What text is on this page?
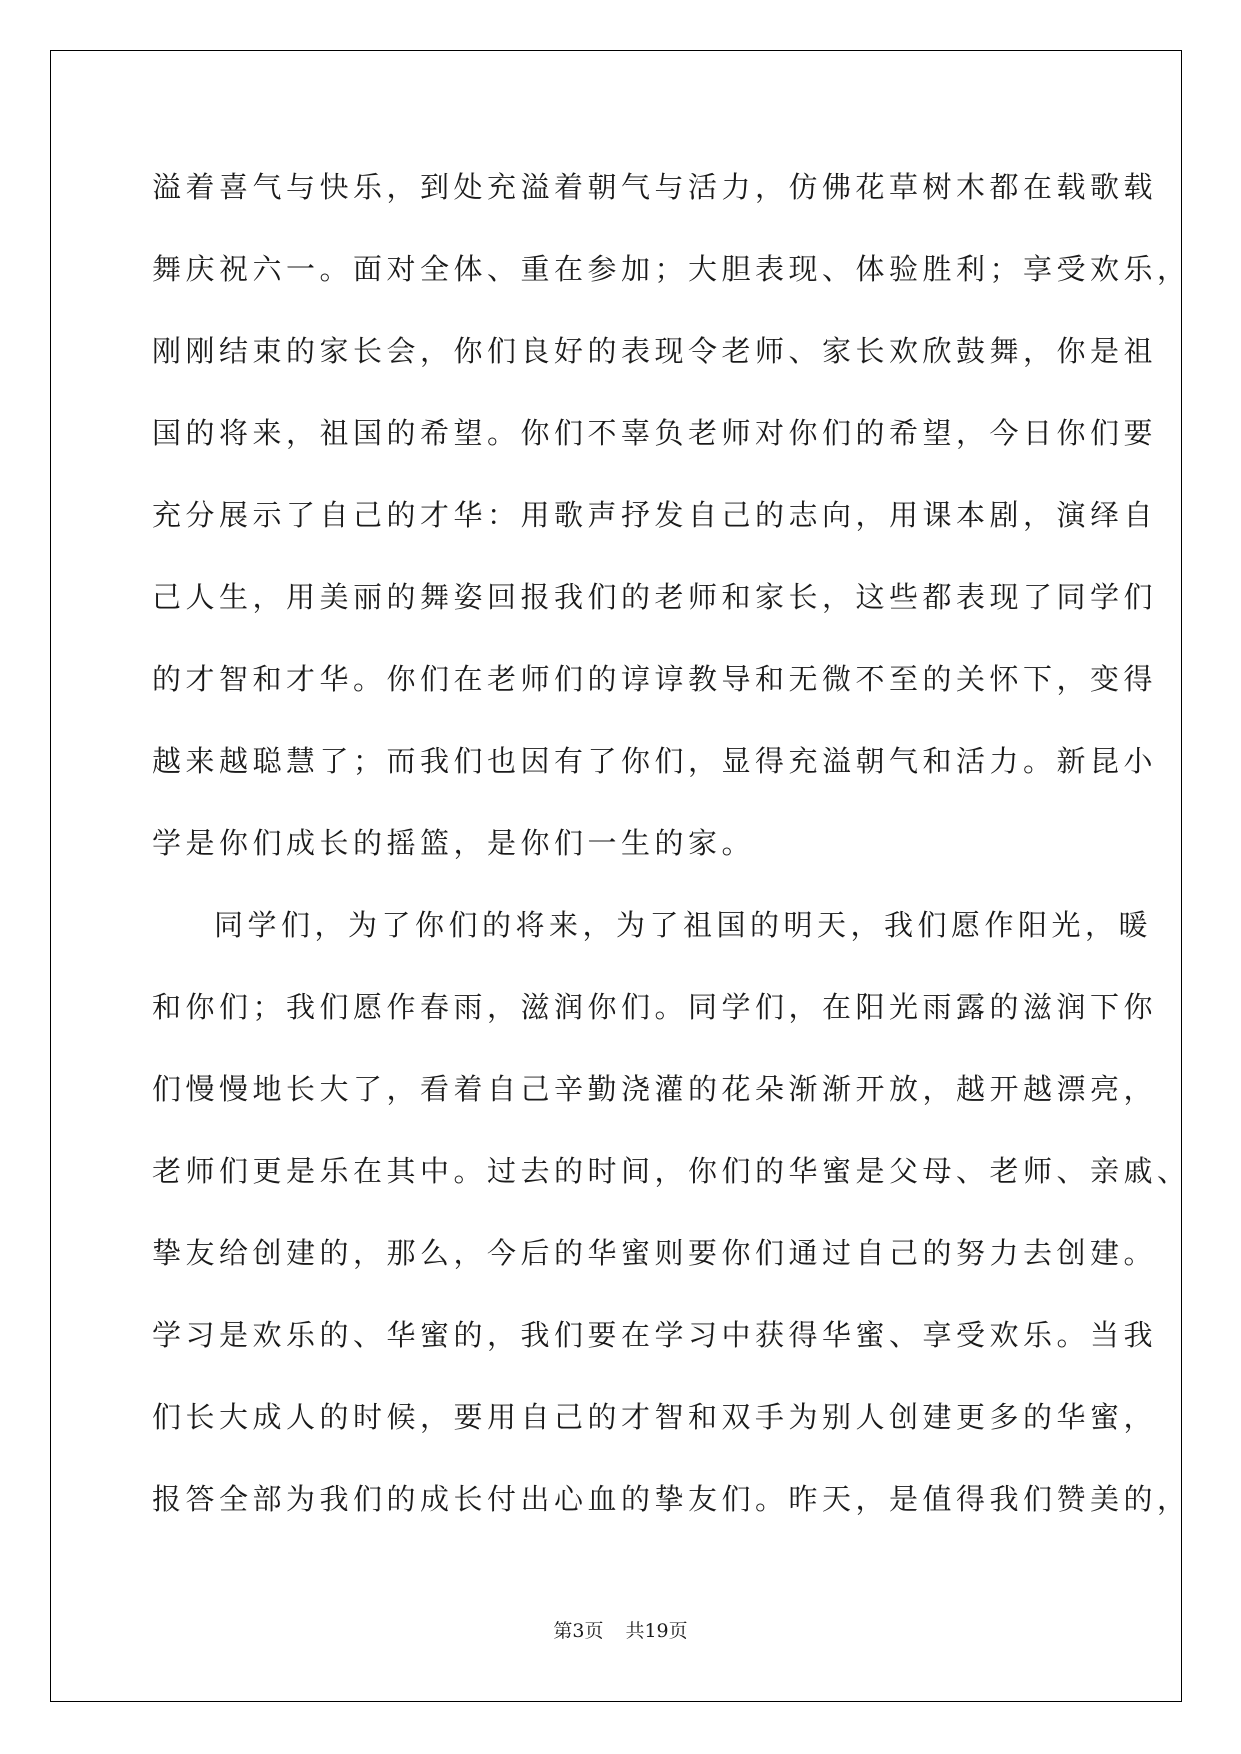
溢着喜气与快乐，到处充溢着朝气与活力，仿佛花草树木都在载歌载
舞庆祝六一。面对全体、重在参加；大胆表现、体验胜利；享受欢乐，
刚刚结束的家长会，你们良好的表现令老师、家长欢欣鼓舞，你是祖
国的将来，祖国的希望。你们不辜负老师对你们的希望，今日你们要
充分展示了自己的才华：用歌声抒发自己的志向，用课本剧，演绎自
己人生，用美丽的舞姿回报我们的老师和家长，这些都表现了同学们
的才智和才华。你们在老师们的谆谆教导和无微不至的关怀下，变得
越来越聪慧了；而我们也因有了你们，显得充溢朝气和活力。新昆小
学是你们成长的摇篮，是你们一生的家。
同学们，为了你们的将来，为了祖国的明天，我们愿作阳光，暖
和你们；我们愿作春雨，滋润你们。同学们，在阳光雨露的滋润下你
们慢慢地长大了，看着自己辛勤浇灌的花朵渐渐开放，越开越漂亮，
老师们更是乐在其中。过去的时间，你们的华蜜是父母、老师、亲戚、
挚友给创建的，那么，今后的华蜜则要你们通过自己的努力去创建。
学习是欢乐的、华蜜的，我们要在学习中获得华蜜、享受欢乐。当我
们长大成人的时候，要用自己的才智和双手为别人创建更多的华蜜，
报答全部为我们的成长付出心血的挚友们。昨天，是值得我们赞美的，
第3页 共19页
